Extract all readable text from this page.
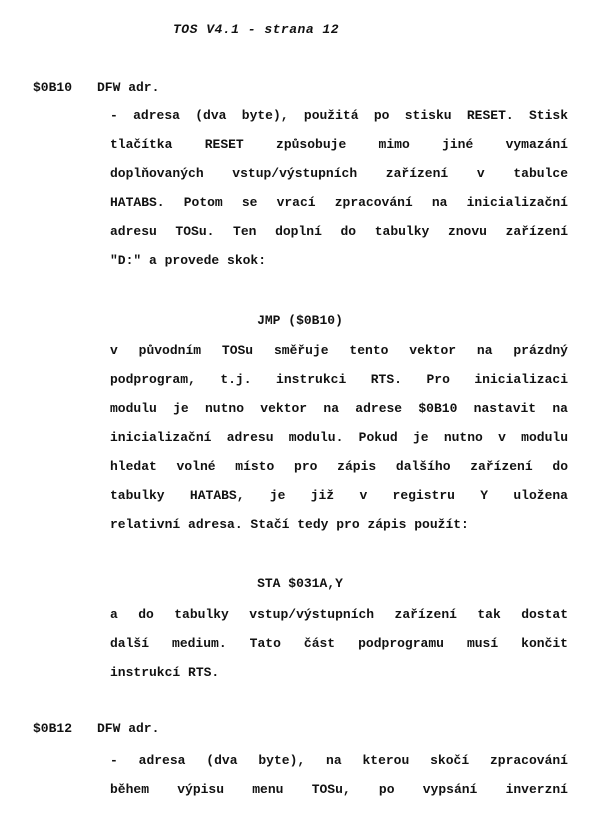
TOS V4.1 - strana 12
$0B10 DFW adr.
- adresa (dva byte), použitá po stisku RESET. Stisk
tlačítka RESET způsobuje mimo jiné vymazání
doplňovaných vstup/výstupních zařízení v tabulce
HATABS. Potom se vrací zpracování na inicializační
adresu TOSu. Ten doplní do tabulky znovu zařízení
"D:" a provede skok:
JMP ($0B10)
v původním TOSu směřuje tento vektor na prázdný
podprogram, t.j. instrukci RTS. Pro inicializaci
modulu je nutno vektor na adrese $0B10 nastavit na
inicializační adresu modulu. Pokud je nutno v modulu
hledat volné místo pro zápis dalšího zařízení do
tabulky HATABS, je již v registru Y uložena
relativní adresa. Stačí tedy pro zápis použít:
STA $031A,Y
a do tabulky vstup/výstupních zařízení tak dostat
další medium. Tato část podprogramu musí končit
instrukcí RTS.
$0B12 DFW adr.
- adresa (dva byte), na kterou skočí zpracování
během výpisu menu TOSu, po vypsání inverzní
